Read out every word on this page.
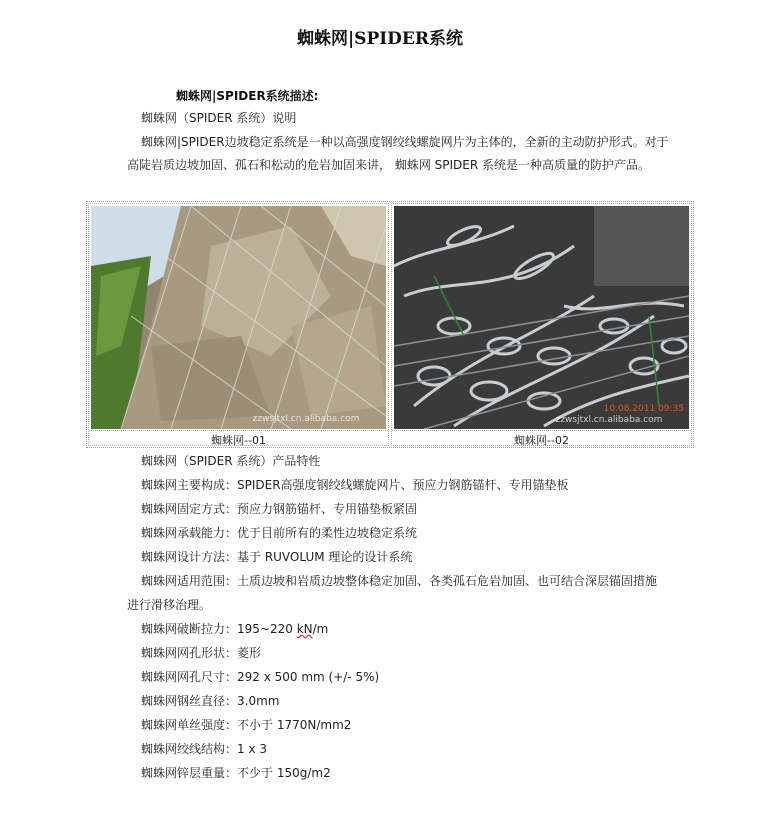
蜘蛛网|SPIDER系统
蜘蛛网|SPIDER系统描述:
蜘蛛网（SPIDER 系统）说明
蜘蛛网|SPIDER边坡稳定系统是一种以高强度钢绞线螺旋网片为主体的，全新的主动防护形式。对于
高陡岩质边坡加固、孤石和松动的危岩加固来讲， 蜘蛛网 SPIDER 系统是一种高质量的防护产品。
zzwsjtxl.cn.alibaba.com
蜘蛛网--01
10.08.2011 09:35
zzwsjtxl.cn.alibaba.com
蜘蛛网--02
蜘蛛网（SPIDER 系统）产品特性
蜘蛛网主要构成：SPIDER高强度钢绞线螺旋网片、预应力钢筋锚杆、专用锚垫板
蜘蛛网固定方式：预应力钢筋锚杆、专用锚垫板紧固
蜘蛛网承载能力：优于目前所有的柔性边坡稳定系统
蜘蛛网设计方法：基于 RUVOLUM 理论的设计系统
蜘蛛网适用范围：土质边坡和岩质边坡整体稳定加固、各类孤石危岩加固、也可结合深层锚固措施
进行滑移治理。
蜘蛛网破断拉力：195~220 kN/m
蜘蛛网网孔形状：菱形
蜘蛛网网孔尺寸：292 x 500 mm (+/- 5%)
蜘蛛网钢丝直径：3.0mm
蜘蛛网单丝强度：不小于 1770N/mm2
蜘蛛网绞线结构：1 x 3
蜘蛛网锌层重量：不少于 150g/m2
